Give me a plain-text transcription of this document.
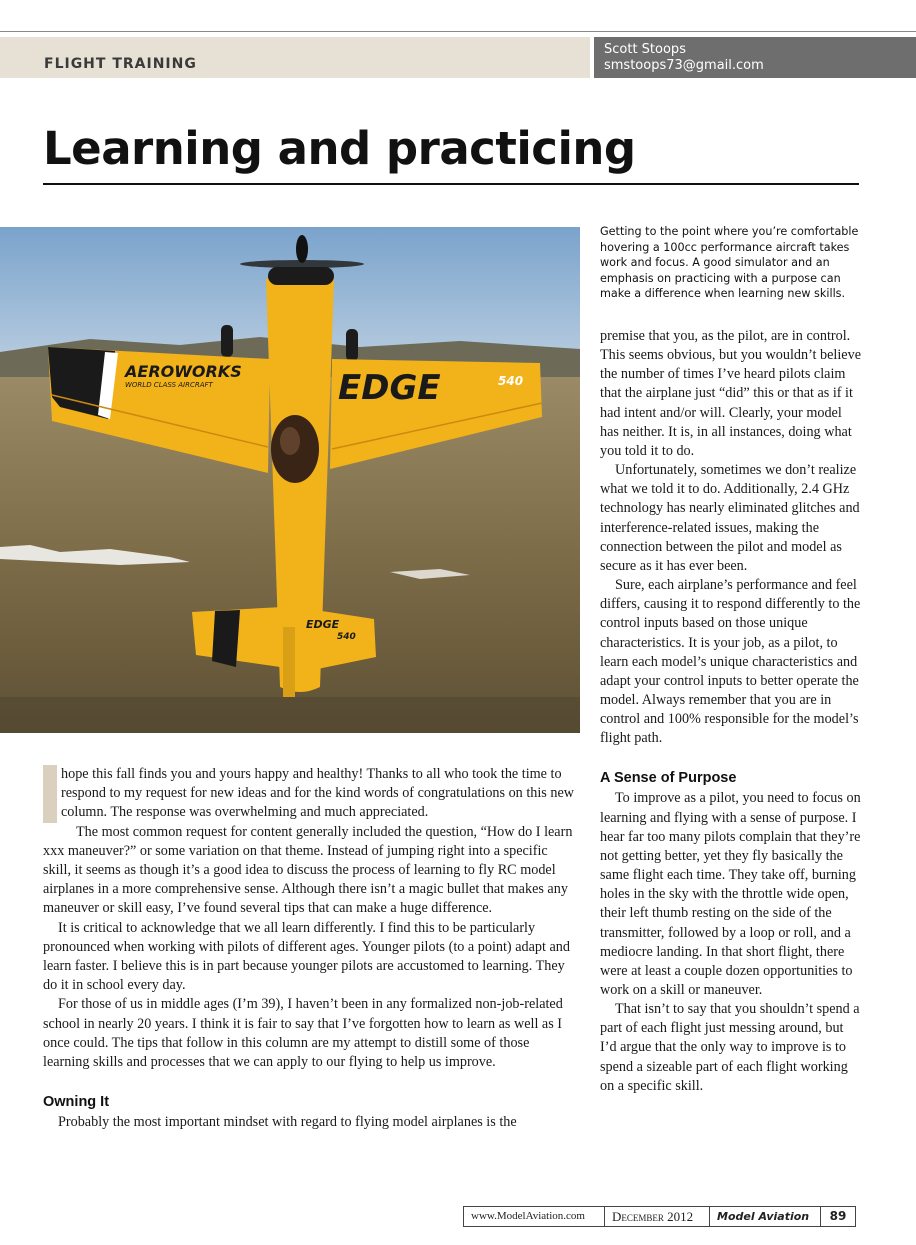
FLIGHT TRAINING
Scott Stoops
smstoops73@gmail.com
Learning and practicing
AEROWORKS
WORLD CLASS AIRCRAFT	EDGE	540
EDGE
540

Getting to the point where you’re comfortable hovering a 100cc performance aircraft takes work and focus. A good simulator and an emphasis on practicing with a purpose can make a difference when learning new skills.

I	hope this fall finds you and yours happy and healthy! Thanks to all who took the time to respond to my request for new ideas and for the kind words of congratulations on this new column. The response was overwhelming and much appreciated.

The most common request for content generally included the question, “How do I learn xxx maneuver?” or some variation on that theme. Instead of jumping right into a specific skill, it seems as though it’s a good idea to discuss the process of learning to fly RC model airplanes in a more comprehensive sense. Although there isn’t a magic bullet that makes any maneuver or skill easy, I’ve found several tips that can make a huge difference.

It is critical to acknowledge that we all learn differently. I find this to be particularly pronounced when working with pilots of different ages. Younger pilots (to a point) adapt and learn faster. I believe this is in part because younger pilots are accustomed to learning. They do it in school every day.

For those of us in middle ages (I’m 39), I haven’t been in any formalized non-job-related school in nearly 20 years. I think it is fair to say that I’ve forgotten how to learn as well as I once could. The tips that follow in this column are my attempt to distill some of those learning skills and processes that we can apply to our flying to help us improve.

Owning It

Probably the most important mindset with regard to flying model airplanes is the

premise that you, as the pilot, are in control. This seems obvious, but you wouldn’t believe the number of times I’ve heard pilots claim that the airplane just “did” this or that as if it had intent and/or will. Clearly, your model has neither. It is, in all instances, doing what you told it to do.

Unfortunately, sometimes we don’t realize what we told it to do. Additionally, 2.4 GHz technology has nearly eliminated glitches and interference-related issues, making the connection between the pilot and model as secure as it has ever been.

Sure, each airplane’s performance and feel differs, causing it to respond differently to the control inputs based on those unique characteristics. It is your job, as a pilot, to learn each model’s unique characteristics and adapt your control inputs to better operate the model. Always remember that you are in control and 100% responsible for the model’s flight path.

A Sense of Purpose

To improve as a pilot, you need to focus on learning and flying with a sense of purpose. I hear far too many pilots complain that they’re not getting better, yet they fly basically the same flight each time. They take off, burning holes in the sky with the throttle wide open, their left thumb resting on the side of the transmitter, followed by a loop or roll, and a mediocre landing. In that short flight, there were at least a couple dozen opportunities to work on a skill or maneuver.

That isn’t to say that you shouldn’t spend a part of each flight just messing around, but I’d argue that the only way to improve is to spend a sizeable part of each flight working on a specific skill.

www.ModelAviation.com	December 2012	Model Aviation	89
